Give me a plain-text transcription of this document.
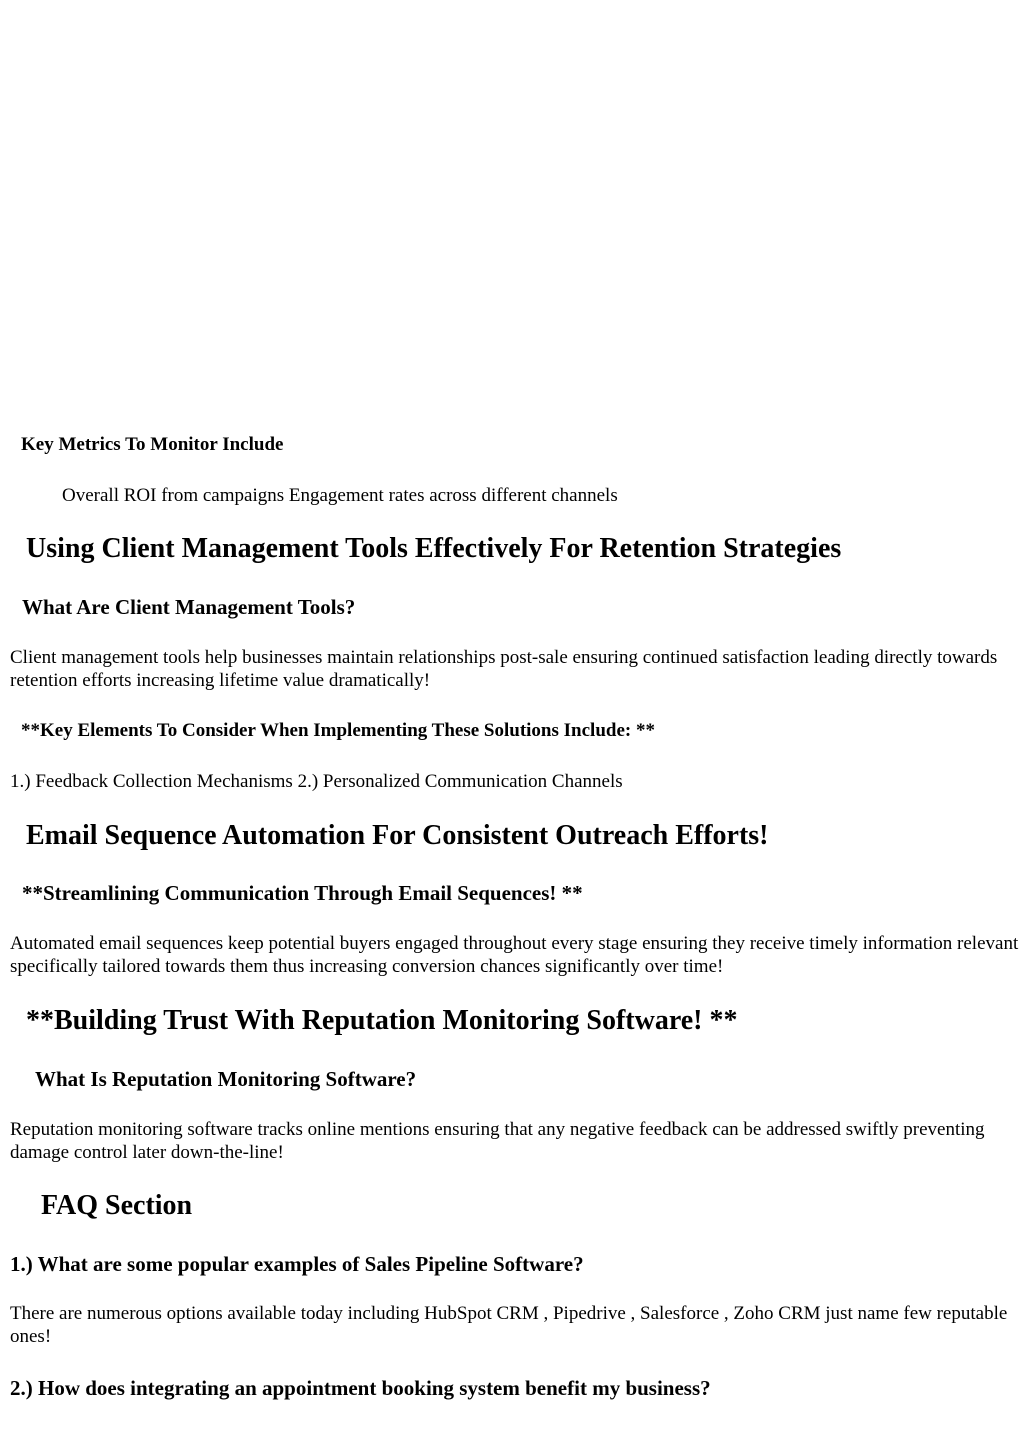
Key Metrics To Monitor Include
Overall ROI from campaigns Engagement rates across different channels
Using Client Management Tools Effectively For Retention Strategies
What Are Client Management Tools?
Client management tools help businesses maintain relationships post-sale ensuring continued satisfaction leading directly towards retention efforts increasing lifetime value dramatically!
**Key Elements To Consider When Implementing These Solutions Include: **
1.) Feedback Collection Mechanisms 2.) Personalized Communication Channels
Email Sequence Automation For Consistent Outreach Efforts!
**Streamlining Communication Through Email Sequences! **
Automated email sequences keep potential buyers engaged throughout every stage ensuring they receive timely information relevant specifically tailored towards them thus increasing conversion chances significantly over time!
**Building Trust With Reputation Monitoring Software! **
What Is Reputation Monitoring Software?
Reputation monitoring software tracks online mentions ensuring that any negative feedback can be addressed swiftly preventing damage control later down-the-line!
FAQ Section
1.) What are some popular examples of Sales Pipeline Software?
There are numerous options available today including HubSpot CRM , Pipedrive , Salesforce , Zoho CRM just name few reputable ones!
2.) How does integrating an appointment booking system benefit my business?
